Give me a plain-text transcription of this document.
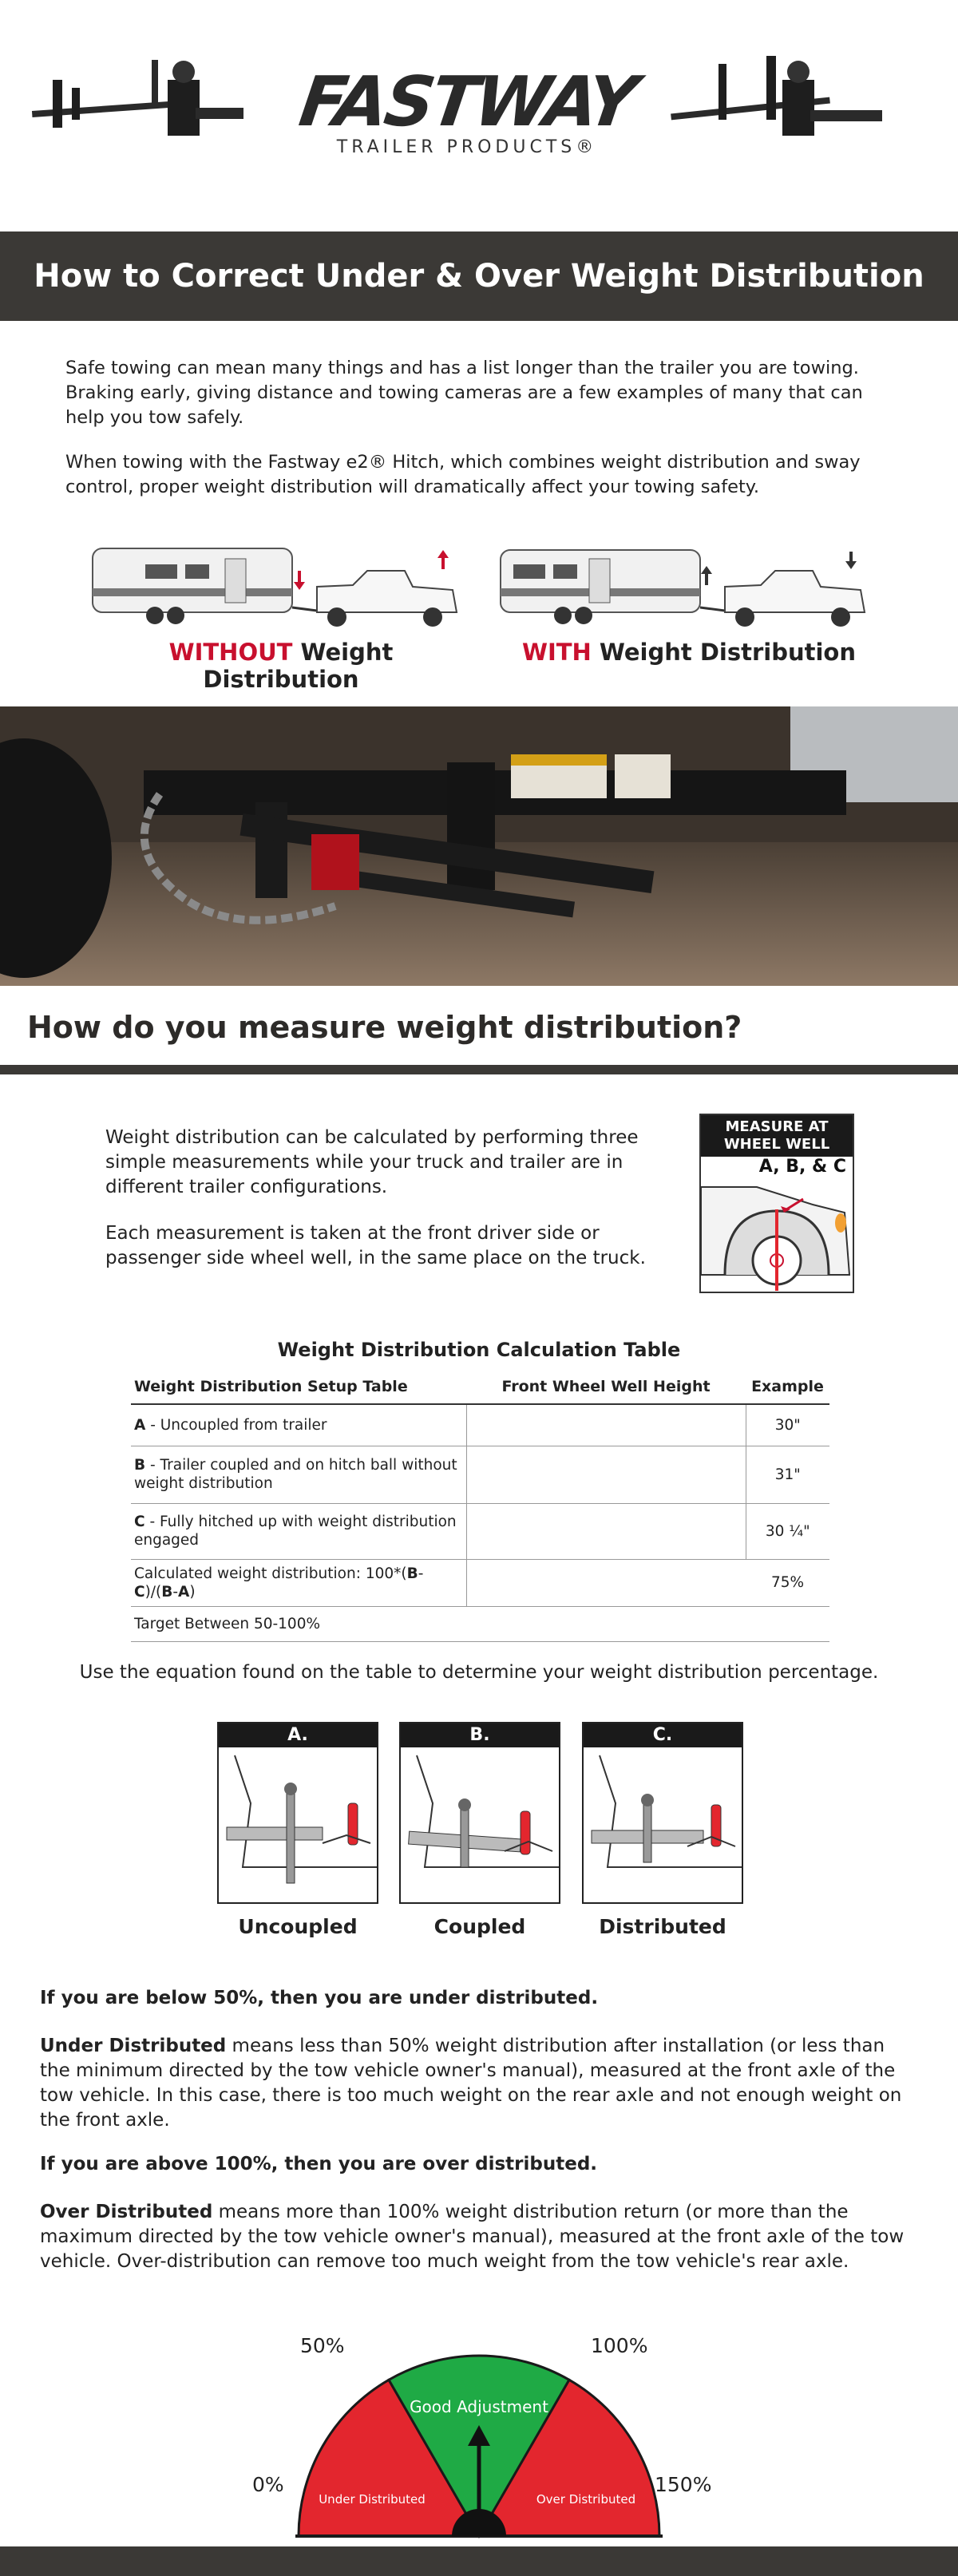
FASTWAY
TRAILER PRODUCTS®
How to Correct Under & Over Weight Distribution

Safe towing can mean many things and has a list longer than the trailer you are towing. Braking early, giving distance and towing cameras are a few examples of many that can help you tow safely.

When towing with the Fastway e2® Hitch, which combines weight distribution and sway control, proper weight distribution will dramatically affect your towing safety.

WITHOUT Weight Distribution
WITH Weight Distribution
How do you measure weight distribution?

Weight distribution can be calculated by performing three simple measurements while your truck and trailer are in different trailer configurations.

Each measurement is taken at the front driver side or passenger side wheel well, in the same place on the truck.

MEASURE AT WHEEL WELL
A, B, & C
Weight Distribution Calculation Table
Weight Distribution Setup Table	Front Wheel Well Height	Example
A - Uncoupled from trailer		30"
B - Trailer coupled and on hitch ball without weight distribution		31"
C - Fully hitched up with weight distribution engaged		30 ¼"
Calculated weight distribution: 100*(B-C)/(B-A)		75%
Target Between 50-100%		

Use the equation found on the table to determine your weight distribution percentage.

A.
Uncoupled
B.
Coupled
C.
Distributed

If you are below 50%, then you are under distributed.

Under Distributed means less than 50% weight distribution after installation (or less than the minimum directed by the tow vehicle owner's manual), measured at the front axle of the tow vehicle. In this case, there is too much weight on the rear axle and not enough weight on the front axle.

If you are above 100%, then you are over distributed.

Over Distributed means more than 100% weight distribution return (or more than the maximum directed by the tow vehicle owner's manual), measured at the front axle of the tow vehicle. Over-distribution can remove too much weight from the tow vehicle's rear axle.

0%
50%	100%
150%
Good Adjustment
Under Distributed	Over Distributed
